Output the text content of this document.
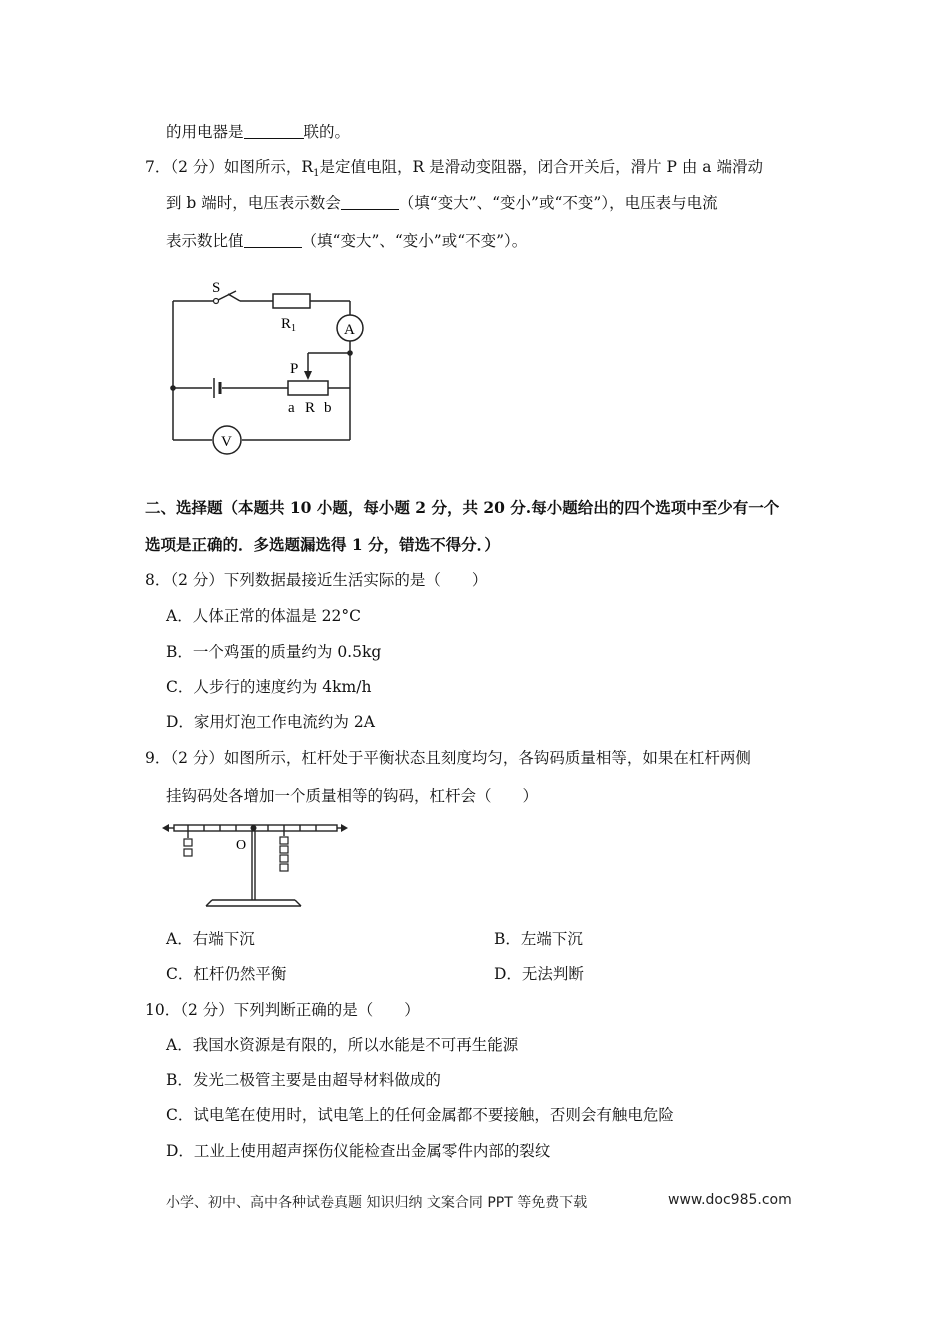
的用电器是	联的。
7．（2 分）如图所示，$R_1$是定值电阻，R 是滑动变阻器，闭合开关后，滑片 P 由 a 端滑动
到 b 端时，电压表示数会	（填“变大”、“变小”或“不变”），电压表与电流
表示数比值	（填“变大”、“变小”或“不变”）。
S
$R_1$	A
P
a R b
V
二、选择题（本题共 10 小题，每小题 2 分，共 20 分.每小题给出的四个选项中至少有一个
选项是正确的．多选题漏选得 1 分，错选不得分．）
8．（2 分）下列数据最接近生活实际的是（　　）
A．人体正常的体温是 22°C
B．一个鸡蛋的质量约为 0.5kg
C．人步行的速度约为 4km/h
D．家用灯泡工作电流约为 2A
9．（2 分）如图所示，杠杆处于平衡状态且刻度均匀，各钩码质量相等，如果在杠杆两侧
挂钩码处各增加一个质量相等的钩码，杠杆会（　　）
O
A．右端下沉	B．左端下沉
C．杠杆仍然平衡	D．无法判断
10．（2 分）下列判断正确的是（　　）
A．我国水资源是有限的，所以水能是不可再生能源
B．发光二极管主要是由超导材料做成的
C．试电笔在使用时，试电笔上的任何金属都不要接触，否则会有触电危险
D．工业上使用超声探伤仪能检查出金属零件内部的裂纹
小学、初中、高中各种试卷真题 知识归纳 文案合同 PPT 等免费下载	www.doc985.com
